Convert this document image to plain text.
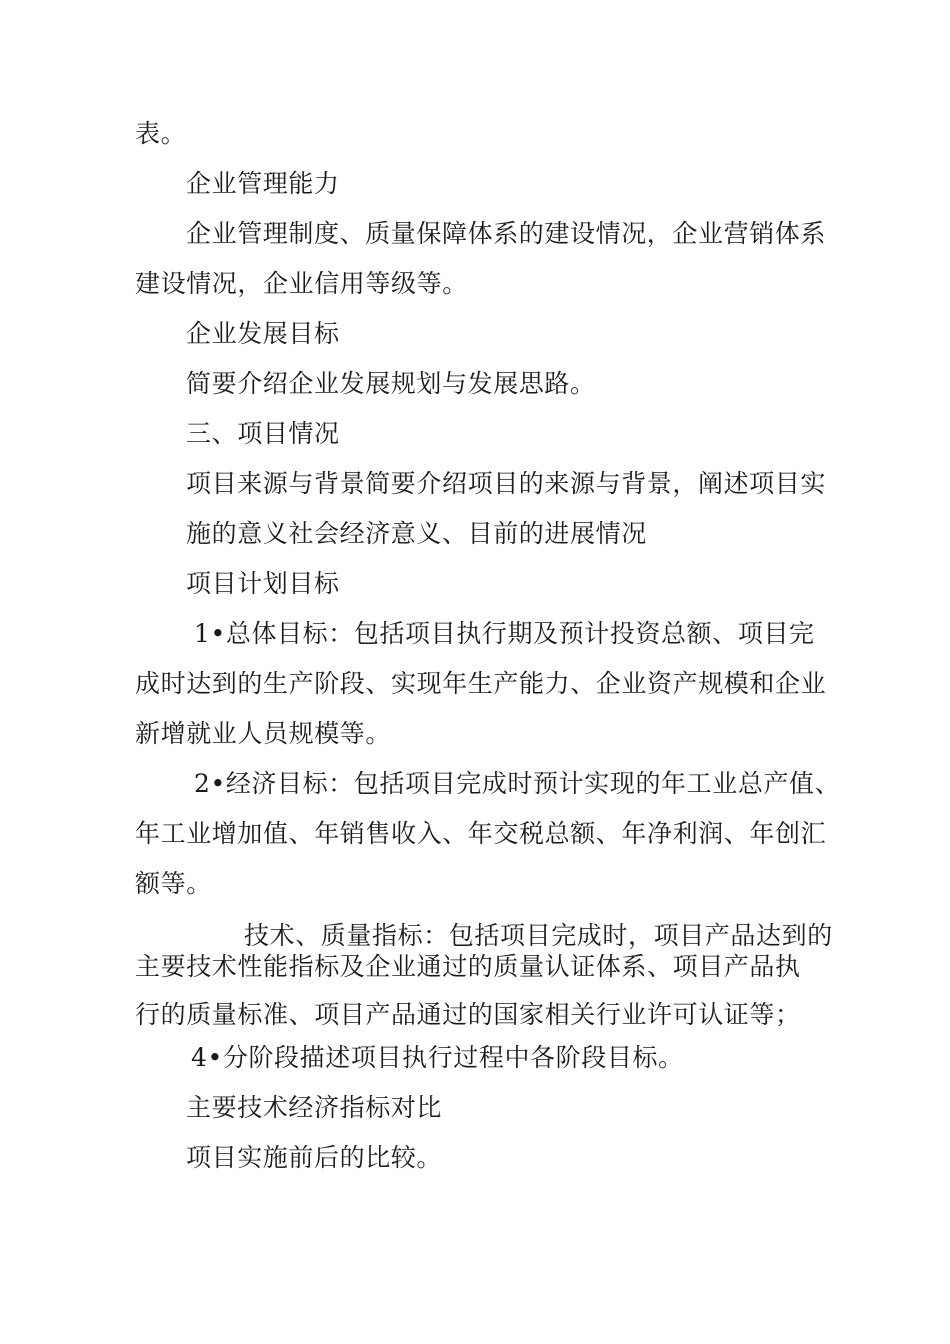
表。
企业管理能力
企业管理制度、质量保障体系的建设情况，企业营销体系
建设情况，企业信用等级等。
企业发展目标
简要介绍企业发展规划与发展思路。
三、项目情况
项目来源与背景简要介绍项目的来源与背景，阐述项目实
施的意义社会经济意义、目前的进展情况
项目计划目标
1•总体目标：包括项目执行期及预计投资总额、项目完
成时达到的生产阶段、实现年生产能力、企业资产规模和企业
新增就业人员规模等。
2•经济目标：包括项目完成时预计实现的年工业总产值、
年工业增加值、年销售收入、年交税总额、年净利润、年创汇
额等。
技术、质量指标：包括项目完成时，项目产品达到的
主要技术性能指标及企业通过的质量认证体系、项目产品执
行的质量标准、项目产品通过的国家相关行业许可认证等；
4•分阶段描述项目执行过程中各阶段目标。
主要技术经济指标对比
项目实施前后的比较。
